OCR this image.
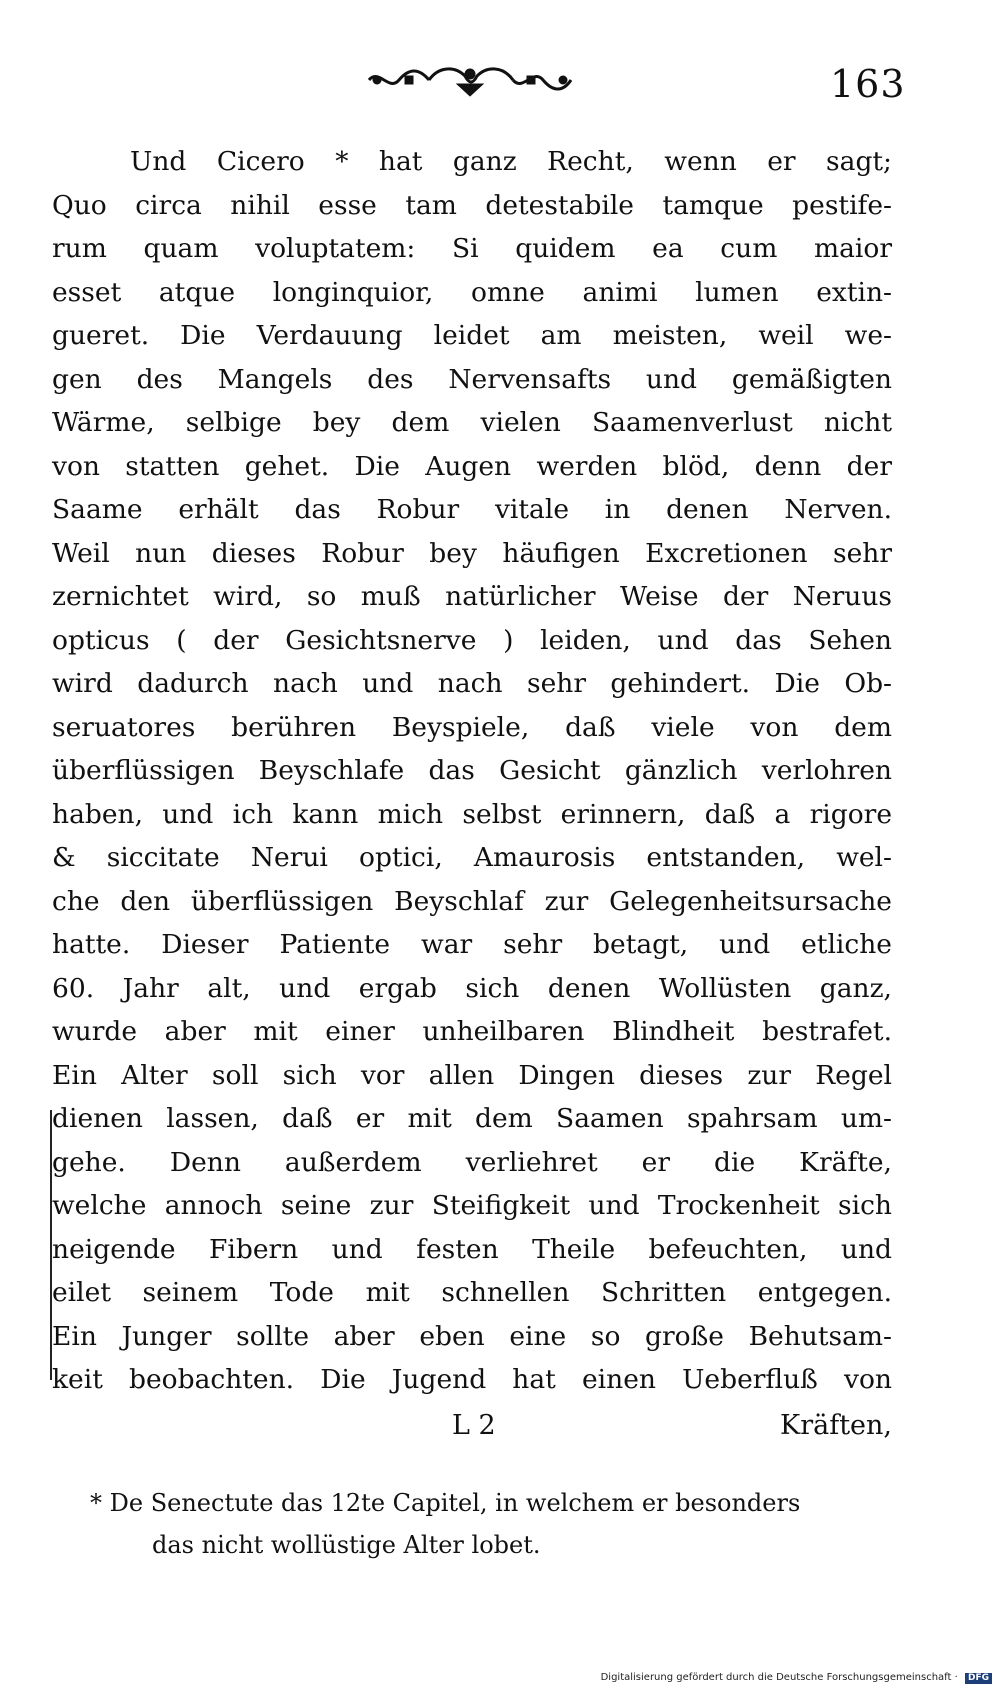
163
Und Cicero * hat ganz Recht, wenn er sagt;
Quo circa nihil esse tam detestabile tamque pestife-
rum quam voluptatem: Si quidem ea cum maior
esset atque longinquior, omne animi lumen extin-
gueret. Die Verdauung leidet am meisten, weil we-
gen des Mangels des Nervensafts und gemäßigten
Wärme, selbige bey dem vielen Saamenverlust nicht
von statten gehet. Die Augen werden blöd, denn der
Saame erhält das Robur vitale in denen Nerven.
Weil nun dieses Robur bey häufigen Excretionen sehr
zernichtet wird, so muß natürlicher Weise der Neruus
opticus ( der Gesichtsnerve ) leiden, und das Sehen
wird dadurch nach und nach sehr gehindert. Die Ob-
seruatores berühren Beyspiele, daß viele von dem
überflüssigen Beyschlafe das Gesicht gänzlich verlohren
haben, und ich kann mich selbst erinnern, daß a rigore
& siccitate Nerui optici, Amaurosis entstanden, wel-
che den überflüssigen Beyschlaf zur Gelegenheitsursache
hatte. Dieser Patiente war sehr betagt, und etliche
60. Jahr alt, und ergab sich denen Wollüsten ganz,
wurde aber mit einer unheilbaren Blindheit bestrafet.
Ein Alter soll sich vor allen Dingen dieses zur Regel
dienen lassen, daß er mit dem Saamen spahrsam um-
gehe. Denn außerdem verliehret er die Kräfte,
welche annoch seine zur Steifigkeit und Trockenheit sich
neigende Fibern und festen Theile befeuchten, und
eilet seinem Tode mit schnellen Schritten entgegen.
Ein Junger sollte aber eben eine so große Behutsam-
keit beobachten. Die Jugend hat einen Ueberfluß von
L 2	Kräften,
* De Senectute das 12te Capitel, in welchem er besonders
das nicht wollüstige Alter lobet.
Digitalisierung gefördert durch die Deutsche Forschungsgemeinschaft · DFG
